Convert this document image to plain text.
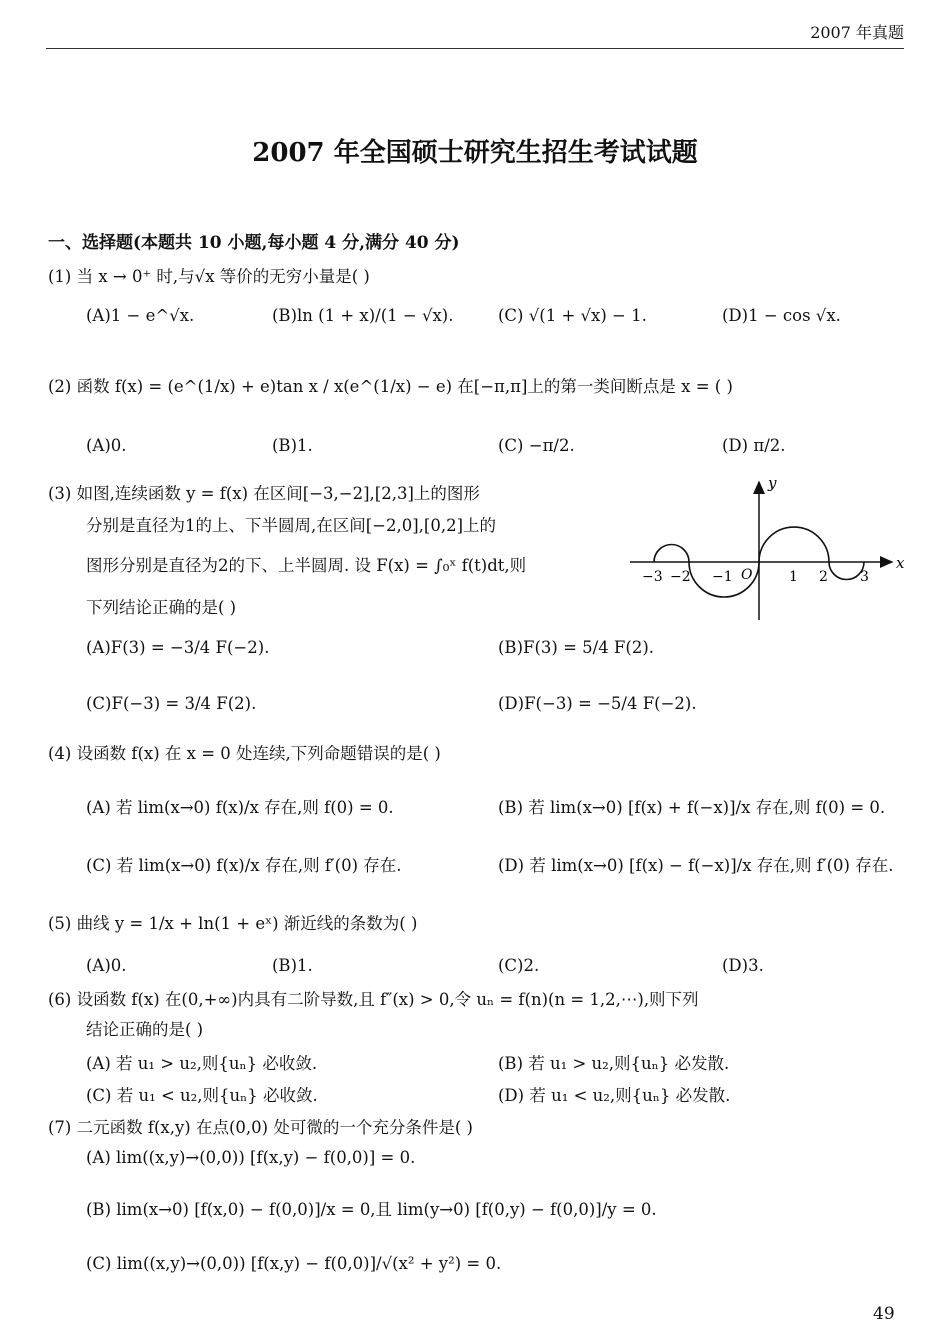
2007 年真题
2007 年全国硕士研究生招生考试试题
一、选择题(本题共 10 小题,每小题 4 分,满分 40 分)
(1) 当 x → 0⁺ 时,与√x 等价的无穷小量是( )
(A)1 − e^√x.	(B)ln (1 + x)/(1 − √x).	(C) √(1 + √x) − 1.	(D)1 − cos √x.
(2) 函数 f(x) = (e^(1/x) + e)tan x / x(e^(1/x) − e) 在[−π,π]上的第一类间断点是 x = ( )
(A)0.	(B)1.	(C) −π/2.	(D) π/2.
(3) 如图,连续函数 y = f(x) 在区间[−3,−2],[2,3]上的图形
分别是直径为1的上、下半圆周,在区间[−2,0],[0,2]上的
图形分别是直径为2的下、上半圆周. 设 F(x) = ∫₀ˣ f(t)dt,则
下列结论正确的是( )
y
x
O
−3 −2 −1	1 2 3
(A)F(3) = −3/4 F(−2).	(B)F(3) = 5/4 F(2).
(C)F(−3) = 3/4 F(2).	(D)F(−3) = −5/4 F(−2).
(4) 设函数 f(x) 在 x = 0 处连续,下列命题错误的是( )
(A) 若 lim(x→0) f(x)/x 存在,则 f(0) = 0.	(B) 若 lim(x→0) [f(x) + f(−x)]/x 存在,则 f(0) = 0.
(C) 若 lim(x→0) f(x)/x 存在,则 f′(0) 存在.	(D) 若 lim(x→0) [f(x) − f(−x)]/x 存在,则 f′(0) 存在.
(5) 曲线 y = 1/x + ln(1 + eˣ) 渐近线的条数为( )
(A)0.	(B)1.	(C)2.	(D)3.
(6) 设函数 f(x) 在(0,+∞)内具有二阶导数,且 f″(x) > 0,令 uₙ = f(n)(n = 1,2,⋯),则下列
结论正确的是( )
(A) 若 u₁ > u₂,则{uₙ} 必收敛.	(B) 若 u₁ > u₂,则{uₙ} 必发散.
(C) 若 u₁ < u₂,则{uₙ} 必收敛.	(D) 若 u₁ < u₂,则{uₙ} 必发散.
(7) 二元函数 f(x,y) 在点(0,0) 处可微的一个充分条件是( )
(A) lim((x,y)→(0,0)) [f(x,y) − f(0,0)] = 0.
(B) lim(x→0) [f(x,0) − f(0,0)]/x = 0,且 lim(y→0) [f(0,y) − f(0,0)]/y = 0.
(C) lim((x,y)→(0,0)) [f(x,y) − f(0,0)]/√(x² + y²) = 0.
49
